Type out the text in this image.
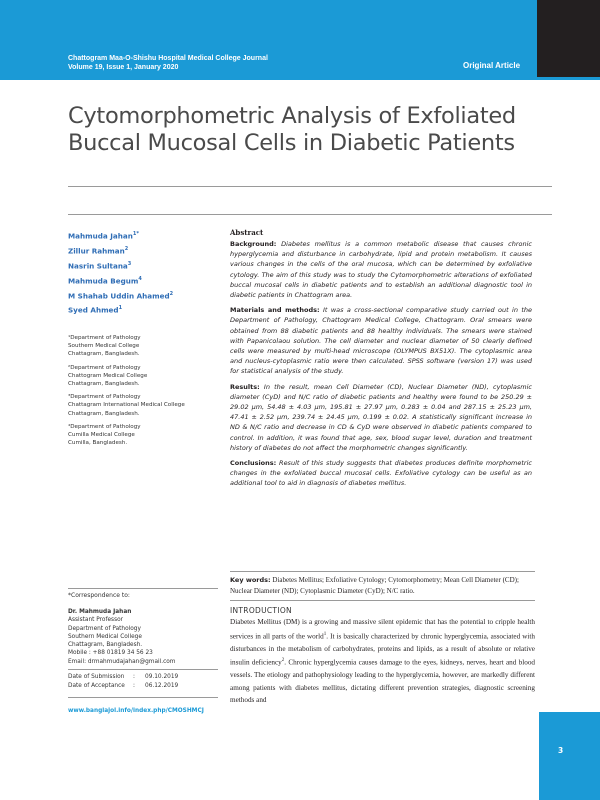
Chattogram Maa-O-Shishu Hospital Medical College Journal
Volume 19, Issue 1, January 2020	Original Article
Cytomorphometric Analysis of Exfoliated Buccal Mucosal Cells in Diabetic Patients
Mahmuda Jahan$^{1*}$
Zillur Rahman$^2$
Nasrin Sultana$^3$
Mahmuda Begum$^4$
M Shahab Uddin Ahamed$^2$
Syed Ahmed$^1$
¹Department of Pathology
Southern Medical College
Chattagram, Bangladesh.
²Department of Pathology
Chattogram Medical College
Chattagram, Bangladesh.
³Department of Pathology
Chattagram International Medical College
Chattagram, Bangladesh.
⁴Department of Pathology
Cumilla Medical College
Cumilla, Bangladesh.
*Correspondence to:
Dr. Mahmuda Jahan
Assistant Professor
Department of Pathology
Southern Medical College
Chattagram, Bangladesh.
Mobile : +88 01819 34 56 23
Email: drmahmudajahan@gmail.com
Date of Submission	:	09.10.2019
Date of Acceptance	:	06.12.2019
www.banglajol.info/index.php/CMOSHMCJ
Abstract

Background: Diabetes mellitus is a common metabolic disease that causes chronic hyperglycemia and disturbance in carbohydrate, lipid and protein metabolism. It causes various changes in the cells of the oral mucosa, which can be determined by exfoliative cytology. The aim of this study was to study the Cytomorphometric alterations of exfoliated buccal mucosal cells in diabetic patients and to establish an additional diagnostic tool in diabetic patients in Chattogram area.

Materials and methods: It was a cross-sectional comparative study carried out in the Department of Pathology, Chattogram Medical College, Chattogram. Oral smears were obtained from 88 diabetic patients and 88 healthy individuals. The smears were stained with Papanicolaou solution. The cell diameter and nuclear diameter of 50 clearly defined cells were measured by multi-head microscope (OLYMPUS BX51X). The cytoplasmic area and nucleus-cytoplasmic ratio were then calculated. SPSS software (version 17) was used for statistical analysis of the study.

Results: In the result, mean Cell Diameter (CD), Nuclear Diameter (ND), cytoplasmic diameter (CyD) and N/C ratio of diabetic patients and healthy were found to be 250.29 ± 29.02 µm, 54.48 ± 4.03 µm, 195.81 ± 27.97 µm, 0.283 ± 0.04 and 287.15 ± 25.23 µm, 47.41 ± 2.52 µm, 239.74 ± 24.45 µm, 0.199 ± 0.02. A statistically significant increase in ND & N/C ratio and decrease in CD & CyD were observed in diabetic patients compared to control. In addition, it was found that age, sex, blood sugar level, duration and treatment history of diabetes do not affect the morphometric changes significantly.

Conclusions: Result of this study suggests that diabetes produces definite morphometric changes in the exfoliated buccal mucosal cells. Exfoliative cytology can be useful as an additional tool to aid in diagnosis of diabetes mellitus.

Key words: Diabetes Mellitus; Exfoliative Cytology; Cytomorphometry; Mean Cell Diameter (CD); Nuclear Diameter (ND); Cytoplasmic Diameter (CyD); N/C ratio.
INTRODUCTION

Diabetes Mellitus (DM) is a growing and massive silent epidemic that has the potential to cripple health services in all parts of the world$^1$. It is basically characterized by chronic hyperglycemia, associated with disturbances in the metabolism of carbohydrates, proteins and lipids, as a result of absolute or relative insulin deficiency$^2$. Chronic hyperglycemia causes damage to the eyes, kidneys, nerves, heart and blood vessels. The etiology and pathophysiology leading to the hyperglycemia, however, are markedly different among patients with diabetes mellitus, dictating different prevention strategies, diagnostic screening methods and

3
